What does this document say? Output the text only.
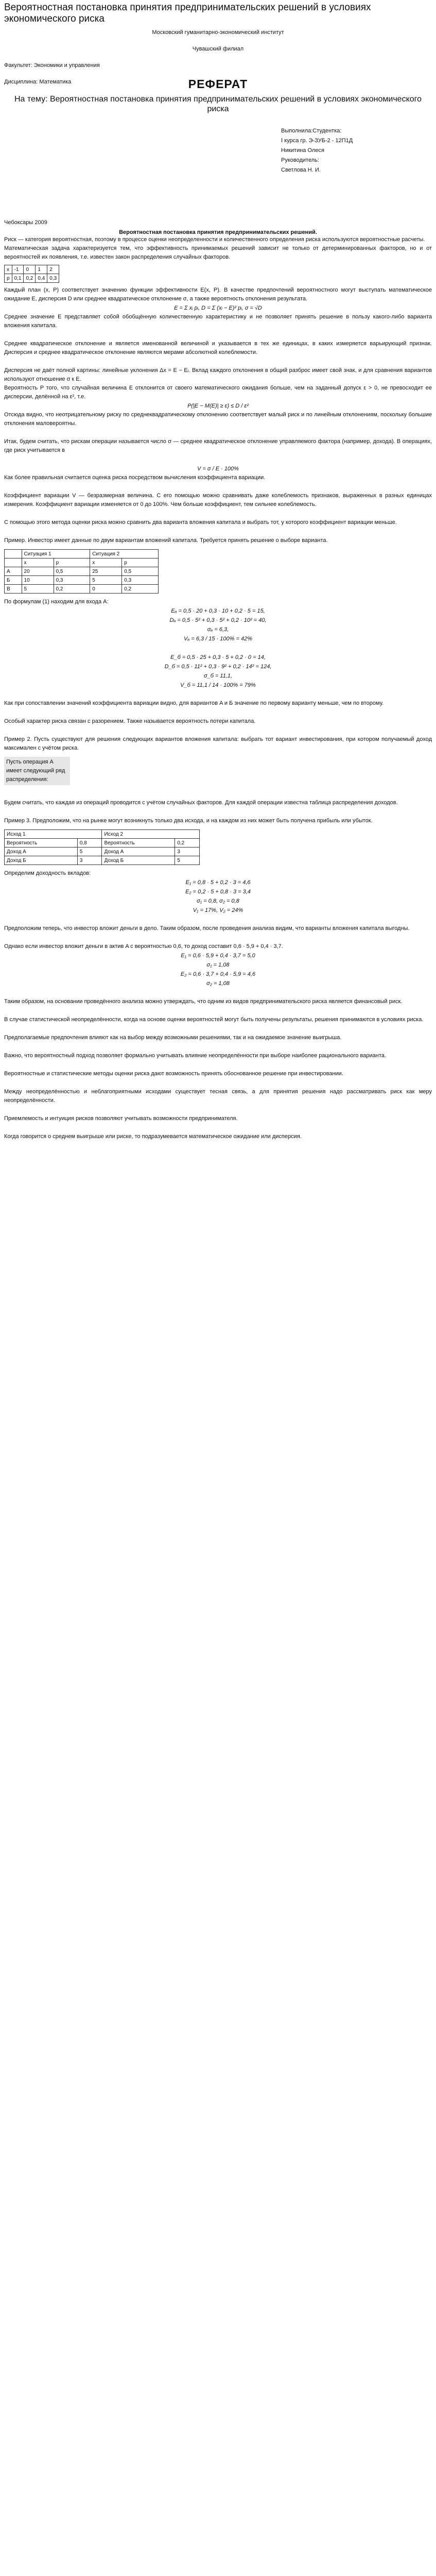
Вероятностная постановка принятия предпринимательских решений в условиях экономического риска
Московский гуманитарно-экономический институт
Чувашский филиал
Факультет: Экономики и управления
Дисциплина: Математика	РЕФЕРАТ
На тему: Вероятностная постановка принятия предпринимательских решений в условиях экономического риска
Выполнила:Студентка:
Ⅰ курса гр. Э-ЗУБ-2 - 12П1Д
Никитина Олеся
Руководитель:
Светлова Н. И.
Чебоксары 2009
Вероятностная постановка принятия предпринимательских решений.

Риск — категория вероятностная, поэтому в процессе оценки неопределенности и количественного определения риска используются вероятностные расчеты.

Математическая задача характеризуется тем, что эффективность принимаемых решений зависит не только от детерминированных факторов, но и от вероятностей их появления, т.е. известен закон распределения случайных факторов.

x	-1	0	1	2
p	0,1	0,2	0,4	0,3

Каждый план (x, P) соответствует значению функции эффективности E(x, P). В качестве предпочтений вероятностного могут выступать математическое ожидание E, дисперсия D или среднее квадратическое отклонение σ, а также вероятность отклонения результата.

E = Σ xᵢ pᵢ, D = Σ (xᵢ − E)² pᵢ, σ = √D

Среднее значение E представляет собой обобщённую количественную характеристику и не позволяет принять решение в пользу какого-либо варианта вложения капитала.

Среднее квадратическое отклонение и является именованной величиной и указывается в тех же единицах, в каких измеряется варьирующий признак. Дисперсия и среднее квадратическое отклонение являются мерами абсолютной колеблемости.

Дисперсия не даёт полной картины: линейные уклонения Δx = E − Eᵢ. Вклад каждого отклонения в общий разброс имеет свой знак, и для сравнения вариантов используют отношение σ к E.

Вероятность P того, что случайная величина E отклонится от своего математического ожидания больше, чем на заданный допуск ε > 0, не превосходит ее дисперсии, делённой на ε², т.е.

P(|E − M(E)| ≥ ε) ≤ D / ε²

Отсюда видно, что неотрицательному риску по среднеквадратическому отклонению соответствует малый риск и по линейным отклонениям, поскольку большие отклонения маловероятны.

Итак, будем считать, что рискам операции называется число σ — среднее квадратическое отклонение управляемого фактора (например, дохода). В операциях, где риск учитывается в

V = σ / E · 100%

Как более правильная считается оценка риска посредством вычисления коэффициента вариации.

Коэффициент вариации V — безразмерная величина. С его помощью можно сравнивать даже колеблемость признаков, выраженных в разных единицах измерения. Коэффициент вариации изменяется от 0 до 100%. Чем больше коэффициент, тем сильнее колеблемость.

С помощью этого метода оценки риска можно сравнить два варианта вложения капитала и выбрать тот, у которого коэффициент вариации меньше.

Пример. Инвестор имеет данные по двум вариантам вложений капитала. Требуется принять решение о выборе варианта.

	Ситуация 1		Ситуация 2	
	x	p	x	p
A	20	0,5	25	0,5
Б	10	0,3	5	0,3
В	5	0,2	0	0,2

По формулам (1) находим для входа A:

Eₐ = 0,5 · 20 + 0,3 · 10 + 0,2 · 5 = 15,
Dₐ = 0,5 · 5² + 0,3 · 5² + 0,2 · 10² = 40,
σₐ = 6,3,
Vₐ = 6,3 / 15 · 100% = 42%
E_б = 0,5 · 25 + 0,3 · 5 + 0,2 · 0 = 14,
D_б = 0,5 · 11² + 0,3 · 9² + 0,2 · 14² = 124,
σ_б = 11,1,
V_б = 11,1 / 14 · 100% = 79%

Как при сопоставлении значений коэффициента вариации видно, для вариантов A и Б значение по первому варианту меньше, чем по второму.

Особый характер риска связан с разорением. Также называется вероятность потери капитала.

Пример 2. Пусть существуют для решения следующих вариантов вложения капитала: выбрать тот вариант инвестирования, при котором получаемый доход максимален с учётом риска.

Пусть операция A имеет следующий ряд распределения:

Будем считать, что каждая из операций проводится с учётом случайных факторов. Для каждой операции известна таблица распределения доходов.

Пример 3. Предположим, что на рынке могут возникнуть только два исхода, и на каждом из них может быть получена прибыль или убыток.

Исход 1		Исход 2	
Вероятность	0,8	Вероятность	0,2
Доход A	5	Доход A	3
Доход Б	3	Доход Б	5

Определим доходность вкладов:

E₁ = 0,8 · 5 + 0,2 · 3 = 4,6
E₂ = 0,2 · 5 + 0,8 · 3 = 3,4
σ₁ = 0,8, σ₂ = 0,8
V₁ = 17%, V₂ = 24%

Предположим теперь, что инвестор вложит деньги в дело. Таким образом, после проведения анализа видим, что варианты вложения капитала выгодны.

Однако если инвестор вложит деньги в актив A с вероятностью 0,6, то доход составит 0,6 · 5,9 + 0,4 · 3,7.

E₁ = 0,6 · 5,9 + 0,4 · 3,7 = 5,0
σ₁ = 1,08
E₂ = 0,6 · 3,7 + 0,4 · 5,9 = 4,6
σ₂ = 1,08

Таким образом, на основании проведённого анализа можно утверждать, что одним из видов предпринимательского риска является финансовый риск.

В случае статистической неопределённости, когда на основе оценки вероятностей могут быть получены результаты, решения принимаются в условиях риска.

Предполагаемые предпочтения влияют как на выбор между возможными решениями, так и на ожидаемое значение выигрыша.

Важно, что вероятностный подход позволяет формально учитывать влияние неопределённости при выборе наиболее рационального варианта.

Вероятностные и статистические методы оценки риска дают возможность принять обоснованное решение при инвестировании.

Между неопределённостью и неблагоприятными исходами существует тесная связь, а для принятия решения надо рассматривать риск как меру неопределённости.

Приемлемость и интуиция рисков позволяют учитывать возможности предпринимателя.

Когда говорится о среднем выигрыше или риске, то подразумевается математическое ожидание или дисперсия.
